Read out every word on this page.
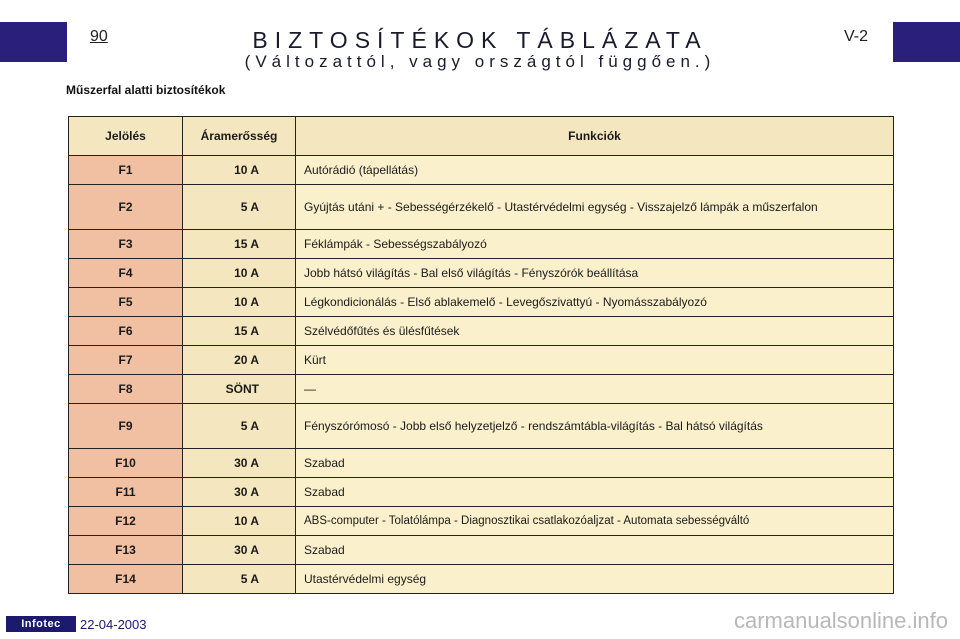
90	V-2
BIZTOSÍTÉKOK TÁBLÁZATA
(Változattól, vagy országtól függően.)
Műszerfal alatti biztosítékok
Jelölés	Áramerősség	Funkciók
F1	10 A	Autórádió (tápellátás)
F2	5 A	Gyújtás utáni + - Sebességérzékelő - Utastérvédelmi egység - Visszajelző lámpák a műszerfalon
F3	15 A	Féklámpák - Sebességszabályozó
F4	10 A	Jobb hátsó világítás - Bal első világítás - Fényszórók beállítása
F5	10 A	Légkondicionálás - Első ablakemelő - Levegőszivattyú - Nyomásszabályozó
F6	15 A	Szélvédőfűtés és ülésfűtések
F7	20 A	Kürt
F8	SÖNT	—
F9	5 A	Fényszórómosó - Jobb első helyzetjelző - rendszámtábla-világítás - Bal hátsó világítás
F10	30 A	Szabad
F11	30 A	Szabad
F12	10 A	ABS-computer - Tolatólámpa - Diagnosztikai csatlakozóaljzat - Automata sebességváltó
F13	30 A	Szabad
F14	5 A	Utastérvédelmi egység
Infotec	22-04-2003	carmanualsonline.info
